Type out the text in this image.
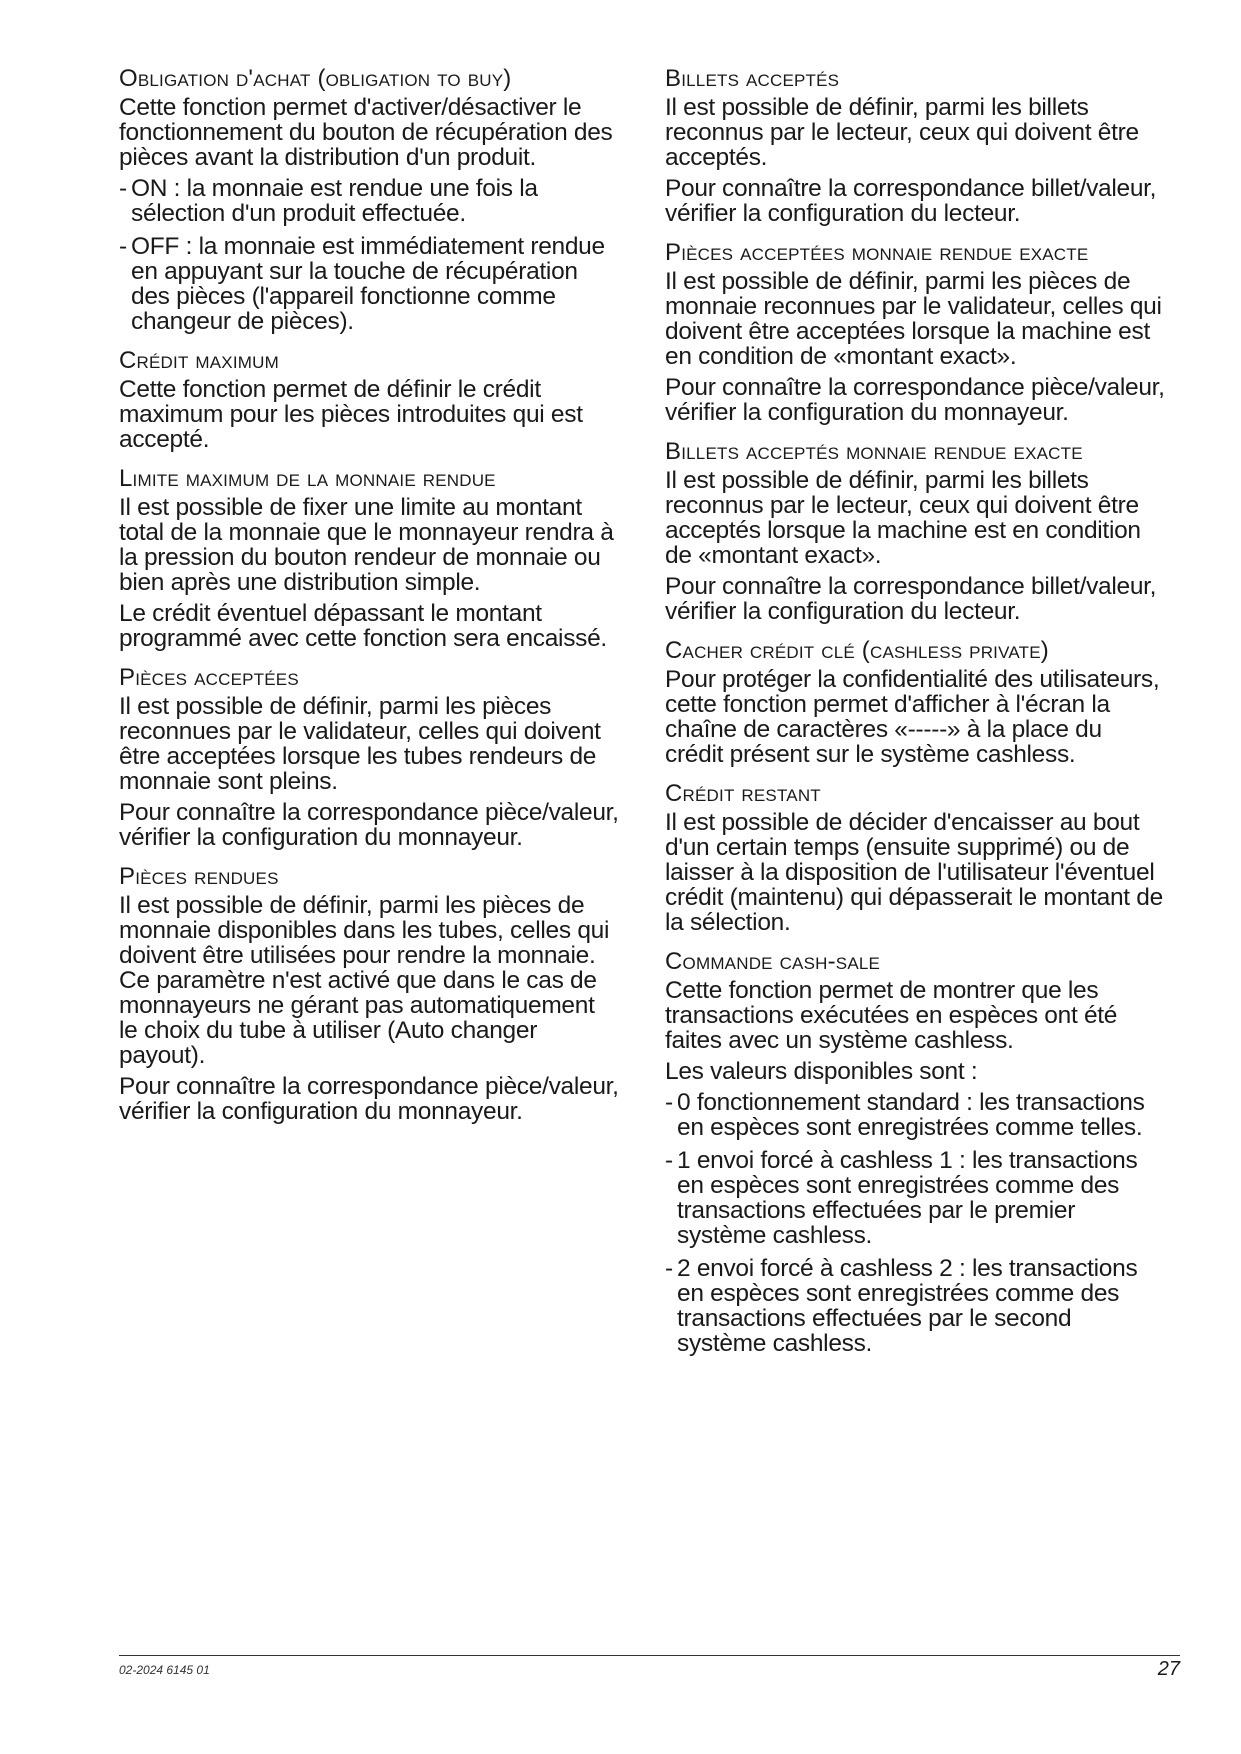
Obligation d'achat (obligation to buy)

Cette fonction permet d'activer/désactiver le fonctionnement du bouton de récupération des pièces avant la distribution d'un produit.

- ON : la monnaie est rendue une fois la sélection d'un produit effectuée.
- OFF : la monnaie est immédiatement rendue en appuyant sur la touche de récupération des pièces (l'appareil fonctionne comme changeur de pièces).
Crédit maximum

Cette fonction permet de définir le crédit maximum pour les pièces introduites qui est accepté.

Limite maximum de la monnaie rendue

Il est possible de fixer une limite au montant total de la monnaie que le monnayeur rendra à la pression du bouton rendeur de monnaie ou bien après une distribution simple.

Le crédit éventuel dépassant le montant programmé avec cette fonction sera encaissé.

Pièces acceptées

Il est possible de définir, parmi les pièces reconnues par le validateur, celles qui doivent être acceptées lorsque les tubes rendeurs de monnaie sont pleins.

Pour connaître la correspondance pièce/valeur, vérifier la configuration du monnayeur.

Pièces rendues

Il est possible de définir, parmi les pièces de monnaie disponibles dans les tubes, celles qui doivent être utilisées pour rendre la monnaie. Ce paramètre n'est activé que dans le cas de monnayeurs ne gérant pas automatiquement le choix du tube à utiliser (Auto changer payout).

Pour connaître la correspondance pièce/valeur, vérifier la configuration du monnayeur.

Billets acceptés

Il est possible de définir, parmi les billets reconnus par le lecteur, ceux qui doivent être acceptés.

Pour connaître la correspondance billet/valeur, vérifier la configuration du lecteur.

Pièces acceptées monnaie rendue exacte

Il est possible de définir, parmi les pièces de monnaie reconnues par le validateur, celles qui doivent être acceptées lorsque la machine est en condition de «montant exact».

Pour connaître la correspondance pièce/valeur, vérifier la configuration du monnayeur.

Billets acceptés monnaie rendue exacte

Il est possible de définir, parmi les billets reconnus par le lecteur, ceux qui doivent être acceptés lorsque la machine est en condition de «montant exact».

Pour connaître la correspondance billet/valeur, vérifier la configuration du lecteur.

Cacher crédit clé (cashless private)

Pour protéger la confidentialité des utilisateurs, cette fonction permet d'afficher à l'écran la chaîne de caractères «-----» à la place du crédit présent sur le système cashless.

Crédit restant

Il est possible de décider d'encaisser au bout d'un certain temps (ensuite supprimé) ou de laisser à la disposition de l'utilisateur l'éventuel crédit (maintenu) qui dépasserait le montant de la sélection.

Commande cash-sale

Cette fonction permet de montrer que les transactions exécutées en espèces ont été faites avec un système cashless.

Les valeurs disponibles sont :

- 0 fonctionnement standard : les transactions en espèces sont enregistrées comme telles.
- 1 envoi forcé à cashless 1 : les transactions en espèces sont enregistrées comme des transactions effectuées par le premier système cashless.
- 2 envoi forcé à cashless 2 : les transactions en espèces sont enregistrées comme des transactions effectuées par le second système cashless.
02-2024 6145 01	27
